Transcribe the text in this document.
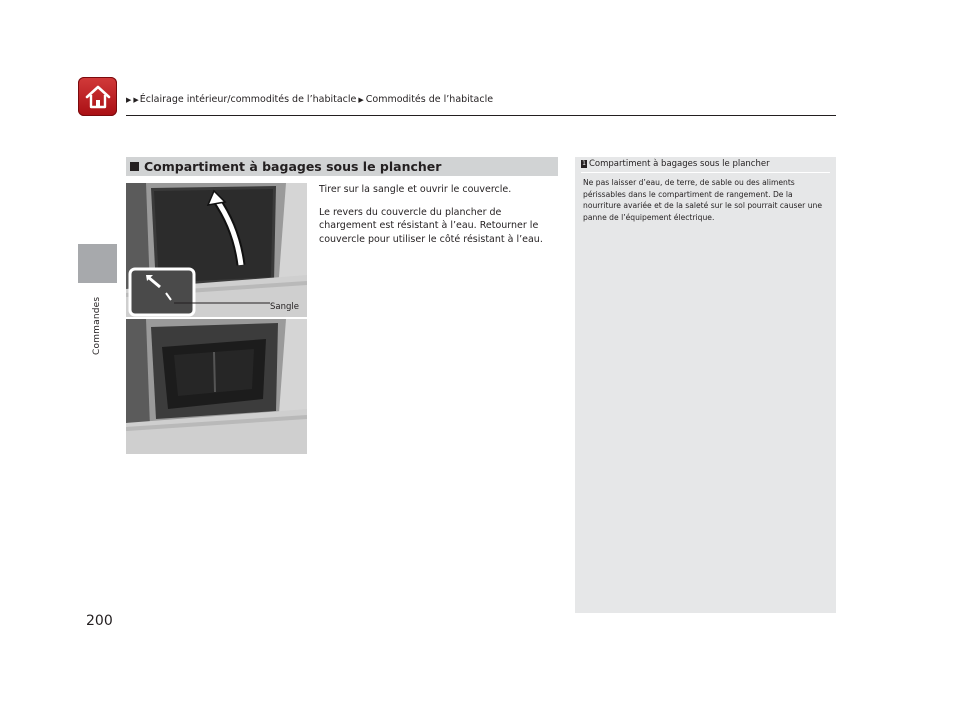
▶ ▶ Éclairage intérieur/commodités de l’habitacle ▶ Commodités de l’habitacle
Commandes
Compartiment à bagages sous le plancher
Sangle

Tirer sur la sangle et ouvrir le couvercle.

Le revers du couvercle du plancher de chargement est résistant à l’eau. Retourner le couvercle pour utiliser le côté résistant à l’eau.

1 Compartiment à bagages sous le plancher
Ne pas laisser d’eau, de terre, de sable ou des aliments périssables dans le compartiment de rangement. De la nourriture avariée et de la saleté sur le sol pourrait causer une panne de l’équipement électrique.
200
